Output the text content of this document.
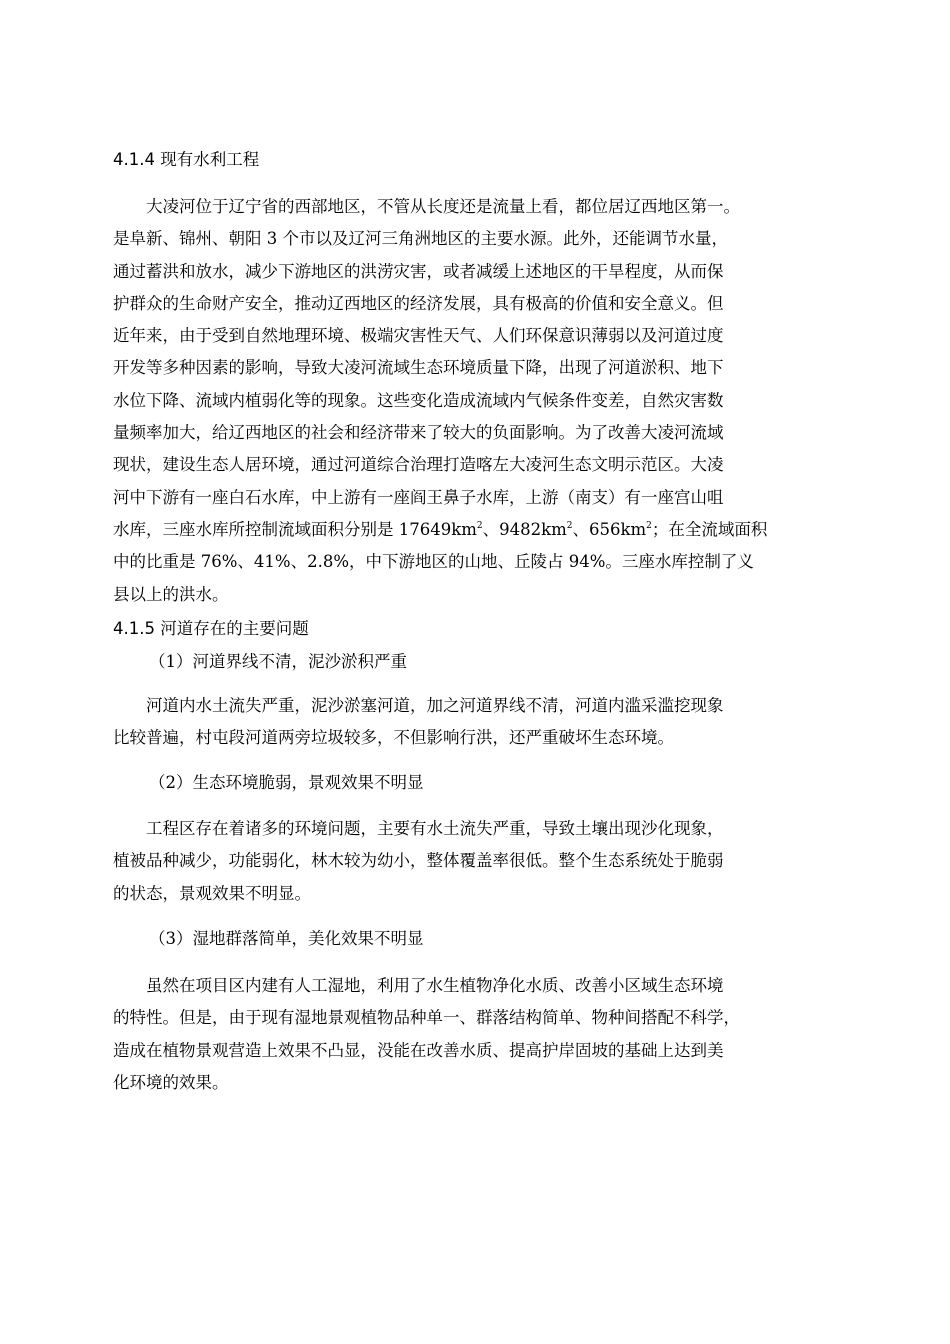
4.1.4 现有水利工程
大凌河位于辽宁省的西部地区，不管从长度还是流量上看，都位居辽西地区第一。
是阜新、锦州、朝阳 3 个市以及辽河三角洲地区的主要水源。此外，还能调节水量，
通过蓄洪和放水，减少下游地区的洪涝灾害，或者减缓上述地区的干旱程度，从而保
护群众的生命财产安全，推动辽西地区的经济发展，具有极高的价值和安全意义。但
近年来，由于受到自然地理环境、极端灾害性天气、人们环保意识薄弱以及河道过度
开发等多种因素的影响，导致大凌河流域生态环境质量下降，出现了河道淤积、地下
水位下降、流域内植弱化等的现象。这些变化造成流域内气候条件变差，自然灾害数
量频率加大，给辽西地区的社会和经济带来了较大的负面影响。为了改善大凌河流域
现状，建设生态人居环境，通过河道综合治理打造喀左大凌河生态文明示范区。大凌
河中下游有一座白石水库，中上游有一座阎王鼻子水库，上游（南支）有一座宫山咀
水库，三座水库所控制流域面积分别是 $17649km^2$、$9482km^2$、$656km^2$；在全流域面积
中的比重是 76%、41%、2.8%，中下游地区的山地、丘陵占 94%。三座水库控制了义
县以上的洪水。
4.1.5 河道存在的主要问题
（1）河道界线不清，泥沙淤积严重
河道内水土流失严重，泥沙淤塞河道，加之河道界线不清，河道内滥采滥挖现象
比较普遍，村屯段河道两旁垃圾较多，不但影响行洪，还严重破坏生态环境。
（2）生态环境脆弱，景观效果不明显
工程区存在着诸多的环境问题，主要有水土流失严重，导致土壤出现沙化现象，
植被品种减少，功能弱化，林木较为幼小，整体覆盖率很低。整个生态系统处于脆弱
的状态，景观效果不明显。
（3）湿地群落简单，美化效果不明显
虽然在项目区内建有人工湿地，利用了水生植物净化水质、改善小区域生态环境
的特性。但是，由于现有湿地景观植物品种单一、群落结构简单、物种间搭配不科学，
造成在植物景观营造上效果不凸显，没能在改善水质、提高护岸固坡的基础上达到美
化环境的效果。
